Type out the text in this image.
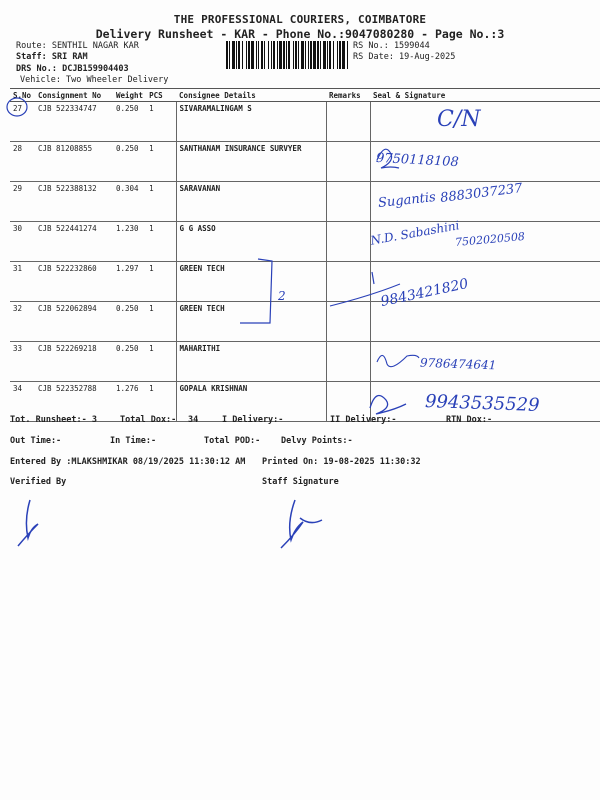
THE PROFESSIONAL COURIERS, COIMBATORE
Delivery Runsheet - KAR - Phone No.:9047080280 - Page No.:3
Route: SENTHIL NAGAR KAR
Staff: SRI RAM
DRS No.: DCJB159904403
Vehicle: Two Wheeler Delivery
RS No.: 1599044
RS Date: 19-Aug-2025
S.No	Consignment No	Weight	PCS	Consignee Details	Remarks	Seal & Signature
27	CJB 522334747	0.250	1	SIVARAMALINGAM S		
28	CJB 81208855	0.250	1	SANTHANAM INSURANCE SURVYER		
29	CJB 522388132	0.304	1	SARAVANAN		
30	CJB 522441274	1.230	1	G G ASSO		
31	CJB 522232860	1.297	1	GREEN TECH		
32	CJB 522062894	0.250	1	GREEN TECH		
33	CJB 522269218	0.250	1	MAHARITHI		
34	CJB 522352788	1.276	1	GOPALA KRISHNAN		
Tot. Runsheet:- 3	Total Dox:- 34	I Delivery:-	II Delivery:-	RTN Dox:-
Out Time:-	In Time:-	Total POD:- Delvy Points:-
Entered By :MLAKSHMIKAR 08/19/2025 11:30:12 AM Printed On: 19-08-2025 11:30:32
Verified By	Staff Signature
C/N
9750118108
Sugantis 8883037237
N.D. Sabashini
7502020508
9843421820
2
9786474641
9943535529
